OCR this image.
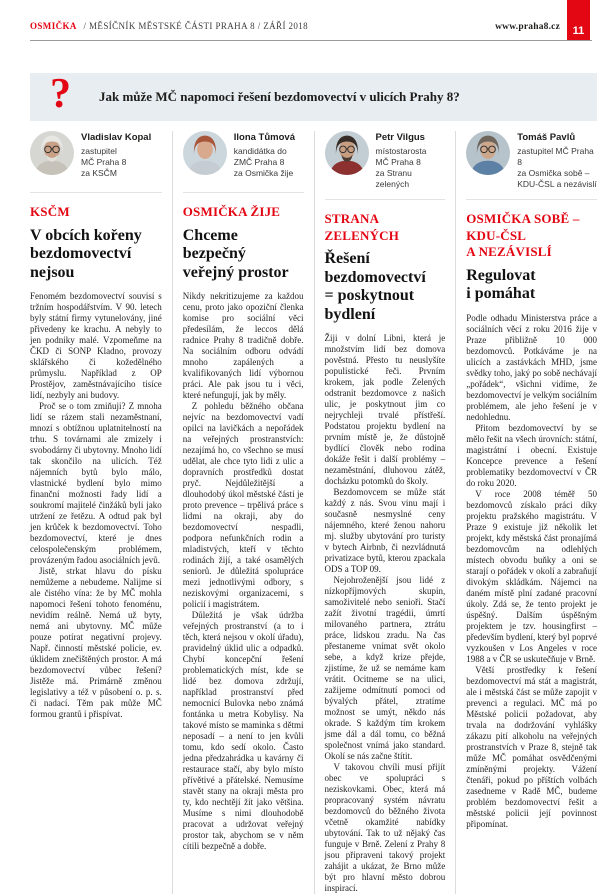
OSMIČKA / MĚSÍČNÍK MĚSTSKÉ ČÁSTI PRAHA 8 / ZÁŘÍ 2018	www.praha8.cz	11
? Jak může MČ napomoci řešení bezdomovectví v ulicích Prahy 8?
Vladislav Kopal
zastupitel
MČ Praha 8
za KSČM
KSČM
V obcích kořeny
bezdomovectví
nejsou

Fenomém bezdomovectví souvisí s tržním hospodářstvím. V 90. letech byly státní firmy vytunelovány, jiné přivedeny ke krachu. A nebyly to jen podniky malé. Vzpomeňme na ČKD či SONP Kladno, provozy sklářského či kožedělného průmyslu. Například z OP Prostějov, zaměstnávajícího tisíce lidí, nezbyly ani budovy.

Proč se o tom zmiňuji? Z mnoha lidí se rázem stali nezaměstnaní, mnozí s obtížnou uplatnitelností na trhu. S továrnami ale zmizely i svobodárny či ubytovny. Mnoho lidí tak skončilo na ulicích. Též nájemních bytů bylo málo, vlastnické bydlení bylo mimo finanční možnosti řady lidí a soukromí majitelé činžáků byli jako utržení ze řetězu. A odtud pak byl jen krůček k bezdomovectví. Toho bezdomovectví, které je dnes celospolečenským problémem, provázeným řadou asociálních jevů.

Jistě, strkat hlavu do písku nemůžeme a nebudeme. Nalijme si ale čistého vína: že by MČ mohla napomoci řešení tohoto fenoménu, nevidím reálně. Nemá už byty, nemá ani ubytovny. MČ může pouze potírat negativní projevy. Např. činností městské policie, ev. úklidem znečištěných prostor. A má bezdomovectví vůbec řešení? Jistěže má. Primárně změnou legislativy a též v působení o. p. s. či nadací. Těm pak může MČ formou grantů i přispívat.

Ilona Tůmová
kandidátka do
ZMČ Praha 8
za Osmička žije
OSMIČKA ŽIJE
Chceme bezpečný
veřejný prostor

Nikdy nekritizujeme za každou cenu, proto jako opoziční členka komise pro sociální věci předesílám, že leccos dělá radnice Prahy 8 tradičně dobře. Na sociálním odboru odvádí mnoho zapálených a kvalifikovaných lidí výbornou práci. Ale pak jsou tu i věci, které nefungují, jak by měly.

Z pohledu běžného občana nejvíc na bezdomovectví vadí opilci na lavičkách a nepořádek na veřejných prostranstvích: nezajímá ho, co všechno se musí udělat, ale chce tyto lidi z ulic a dopravních prostředků dostat pryč. Nejdůležitější a dlouhodobý úkol městské části je proto prevence – trpělivá práce s lidmi na okraji, aby do bezdomovectví nespadli, podpora nefunkčních rodin a mladistvých, kteří v těchto rodinách žijí, a také osamělých seniorů. Je důležitá spolupráce mezi jednotlivými odbory, s neziskovými organizacemi, s policií i magistrátem.

Důležitá je však údržba veřejných prostranství (a to i těch, která nejsou v okolí úřadu), pravidelný úklid ulic a odpadků. Chybí koncepční řešení problematických míst, kde se lidé bez domova zdržují, například prostranství před nemocnicí Bulovka nebo známá fontánka u metra Kobylisy. Na takové místo se maminka s dětmi neposadí – a není to jen kvůli tomu, kdo sedí okolo. Často jedna předzahrádka u kavárny či restaurace stačí, aby bylo místo přívětivé a přátelské. Nemusíme stavět stany na okraji města pro ty, kdo nechtějí žít jako většina. Musíme s nimi dlouhodobě pracovat a udržovat veřejný prostor tak, abychom se v něm cítili bezpečně a dobře.

Petr Vilgus
místostarosta
MČ Praha 8
za Stranu zelených
STRANA
ZELENÝCH
Řešení
bezdomovectví
= poskytnout
bydlení

Žiji v dolní Libni, která je množstvím lidí bez domova pověstná. Přesto tu neuslyšíte populistické řeči. Prvním krokem, jak podle Zelených odstranit bezdomovce z našich ulic, je poskytnout jim co nejrychleji trvalé přístřeší. Podstatou projektu bydlení na prvním místě je, že důstojně bydlící člověk nebo rodina dokáže řešit i další problémy – nezaměstnání, dluhovou zátěž, docházku potomků do školy.

Bezdomovcem se může stát každý z nás. Svou vinu mají i současně nesmyslné ceny nájemného, které ženou nahoru mj. služby ubytování pro turisty v bytech Airbnb, či nezvládnutá privatizace bytů, kterou zpackala ODS a TOP 09.

Nejohroženější jsou lidé z nízkopříjmových skupin, samoživitelé nebo senioři. Stačí zažít životní tragédii, úmrtí milovaného partnera, ztrátu práce, lidskou zradu. Na čas přestaneme vnímat svět okolo sebe, a když krize přejde, zjistíme, že už se nemáme kam vrátit. Ocitneme se na ulici, zažijeme odmítnutí pomoci od bývalých přátel, ztratíme možnost se umýt, někdo nás okrade. S každým tím krokem jsme dál a dál tomu, co běžná společnost vnímá jako standard. Okolí se nás začne štítit.

V takovou chvíli musí přijít obec ve spolupráci s neziskovkami. Obec, která má propracovaný systém návratu bezdomovců do běžného života včetně okamžité nabídky ubytování. Tak to už nějaký čas funguje v Brně. Zelení z Prahy 8 jsou připraveni takový projekt zahájit a ukázat, že Brno může být pro hlavní město dobrou inspirací.

Tomáš Pavlů
zastupitel MČ Praha 8
za Osmička sobě –
KDU-ČSL a nezávislí
OSMIČKA SOBĚ –
KDU-ČSL
A NEZÁVISLÍ
Regulovat
i pomáhat

Podle odhadu Ministerstva práce a sociálních věcí z roku 2016 žije v Praze přibližně 10 000 bezdomovců. Potkáváme je na ulicích a zastávkách MHD, jsme svědky toho, jaký po sobě nechávají „pořádek“, všichni vidíme, že bezdomovectví je velkým sociálním problémem, ale jeho řešení je v nedohlednu.

Přitom bezdomovectví by se mělo řešit na všech úrovních: státní, magistrátní i obecní. Existuje Koncepce prevence a řešení problematiky bezdomovectví v ČR do roku 2020.

V roce 2008 téměř 50 bezdomovců získalo práci díky projektu pražského magistrátu. V Praze 9 existuje již několik let projekt, kdy městská část pronajímá bezdomovcům na odlehlých místech obvodu buňky a oni se starají o pořádek v okolí a zabraňují divokým skládkám. Nájemci na daném místě plní zadané pracovní úkoly. Zdá se, že tento projekt je úspěšný. Dalším úspěšným projektem je tzv. housingfirst – především bydlení, který byl poprvé vyzkoušen v Los Angeles v roce 1988 a v ČR se uskutečňuje v Brně.

Větší prostředky k řešení bezdomovectví má stát a magistrát, ale i městská část se může zapojit v prevenci a regulaci. MČ má po Městské policii požadovat, aby trvala na dodržování vyhlášky zákazu pití alkoholu na veřejných prostranstvích v Praze 8, stejně tak může MČ pomáhat osvědčenými zmíněnými projekty. Vážení čtenáři, pokud po příštích volbách zasedneme v Radě MČ, budeme problém bezdomovectví řešit a městské policii její povinnost připomínat.
